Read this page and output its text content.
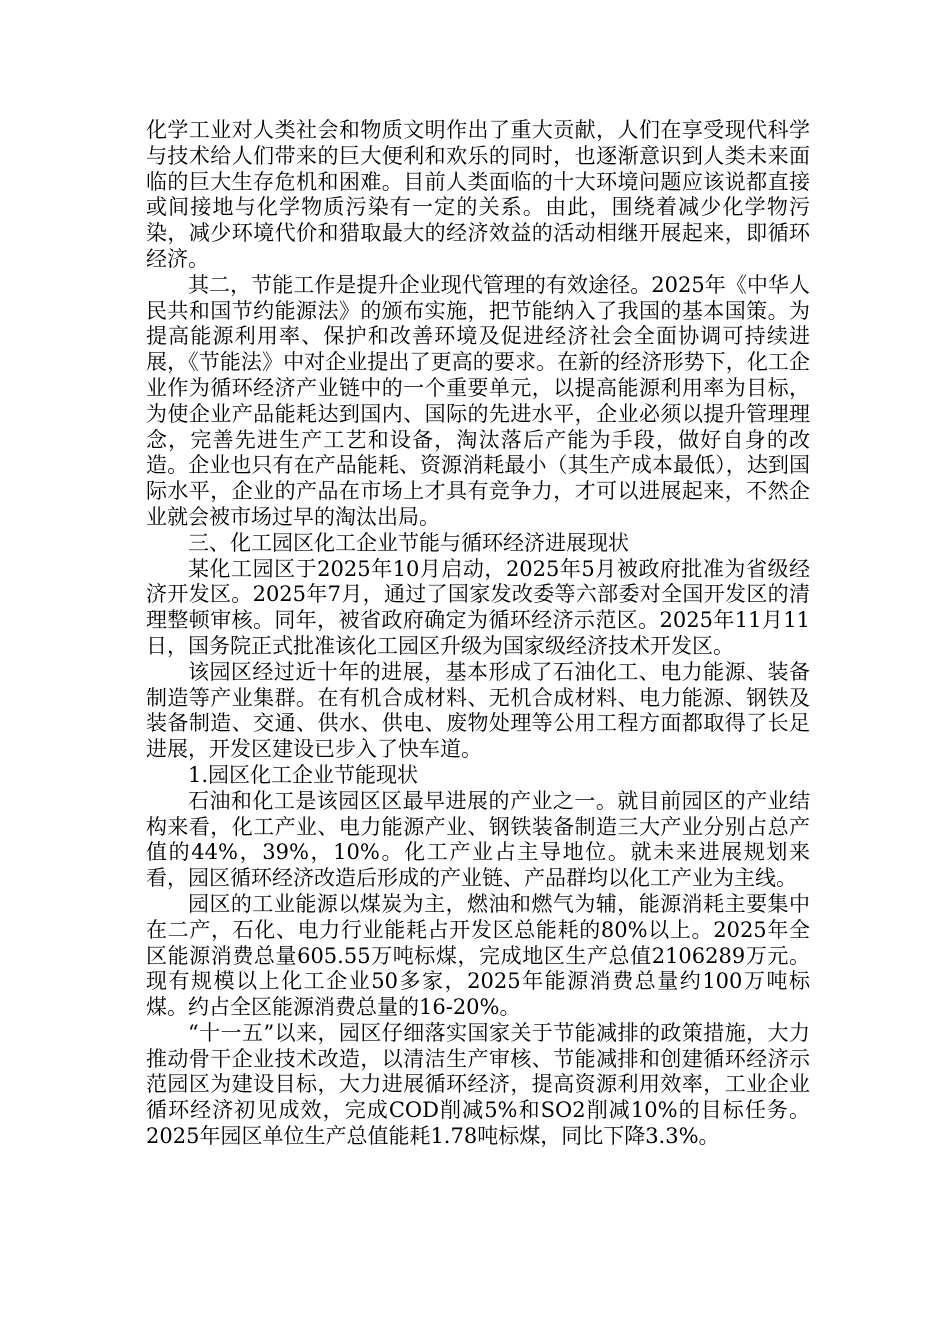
化学工业对人类社会和物质文明作出了重大贡献，人们在享受现代科学与技术给人们带来的巨大便利和欢乐的同时，也逐渐意识到人类未来面临的巨大生存危机和困难。目前人类面临的十大环境问题应该说都直接或间接地与化学物质污染有一定的关系。由此，围绕着减少化学物污染，减少环境代价和猎取最大的经济效益的活动相继开展起来，即循环经济。

其二，节能工作是提升企业现代管理的有效途径。2025年《中华人民共和国节约能源法》的颁布实施，把节能纳入了我国的基本国策。为提高能源利用率、保护和改善环境及促进经济社会全面协调可持续进展，《节能法》中对企业提出了更高的要求。在新的经济形势下，化工企业作为循环经济产业链中的一个重要单元，以提高能源利用率为目标，为使企业产品能耗达到国内、国际的先进水平，企业必须以提升管理理念，完善先进生产工艺和设备，淘汰落后产能为手段，做好自身的改造。企业也只有在产品能耗、资源消耗最小（其生产成本最低），达到国际水平，企业的产品在市场上才具有竞争力，才可以进展起来，不然企业就会被市场过早的淘汰出局。

三、化工园区化工企业节能与循环经济进展现状

某化工园区于2025年10月启动，2025年5月被政府批准为省级经济开发区。2025年7月，通过了国家发改委等六部委对全国开发区的清理整顿审核。同年，被省政府确定为循环经济示范区。2025年11月11日，国务院正式批准该化工园区升级为国家级经济技术开发区。

该园区经过近十年的进展，基本形成了石油化工、电力能源、装备制造等产业集群。在有机合成材料、无机合成材料、电力能源、钢铁及装备制造、交通、供水、供电、废物处理等公用工程方面都取得了长足进展，开发区建设已步入了快车道。

1.园区化工企业节能现状

石油和化工是该园区区最早进展的产业之一。就目前园区的产业结构来看，化工产业、电力能源产业、钢铁装备制造三大产业分别占总产值的44%，39%，10%。化工产业占主导地位。就未来进展规划来看，园区循环经济改造后形成的产业链、产品群均以化工产业为主线。

园区的工业能源以煤炭为主，燃油和燃气为辅，能源消耗主要集中在二产，石化、电力行业能耗占开发区总能耗的80%以上。2025年全区能源消费总量605.55万吨标煤，完成地区生产总值2106289万元。现有规模以上化工企业50多家，2025年能源消费总量约100万吨标煤。约占全区能源消费总量的16-20%。

“十一五”以来，园区仔细落实国家关于节能减排的政策措施，大力推动骨干企业技术改造，以清洁生产审核、节能减排和创建循环经济示范园区为建设目标，大力进展循环经济，提高资源利用效率，工业企业循环经济初见成效，完成COD削减5%和SO2削减10%的目标任务。2025年园区单位生产总值能耗1.78吨标煤，同比下降3.3%。
